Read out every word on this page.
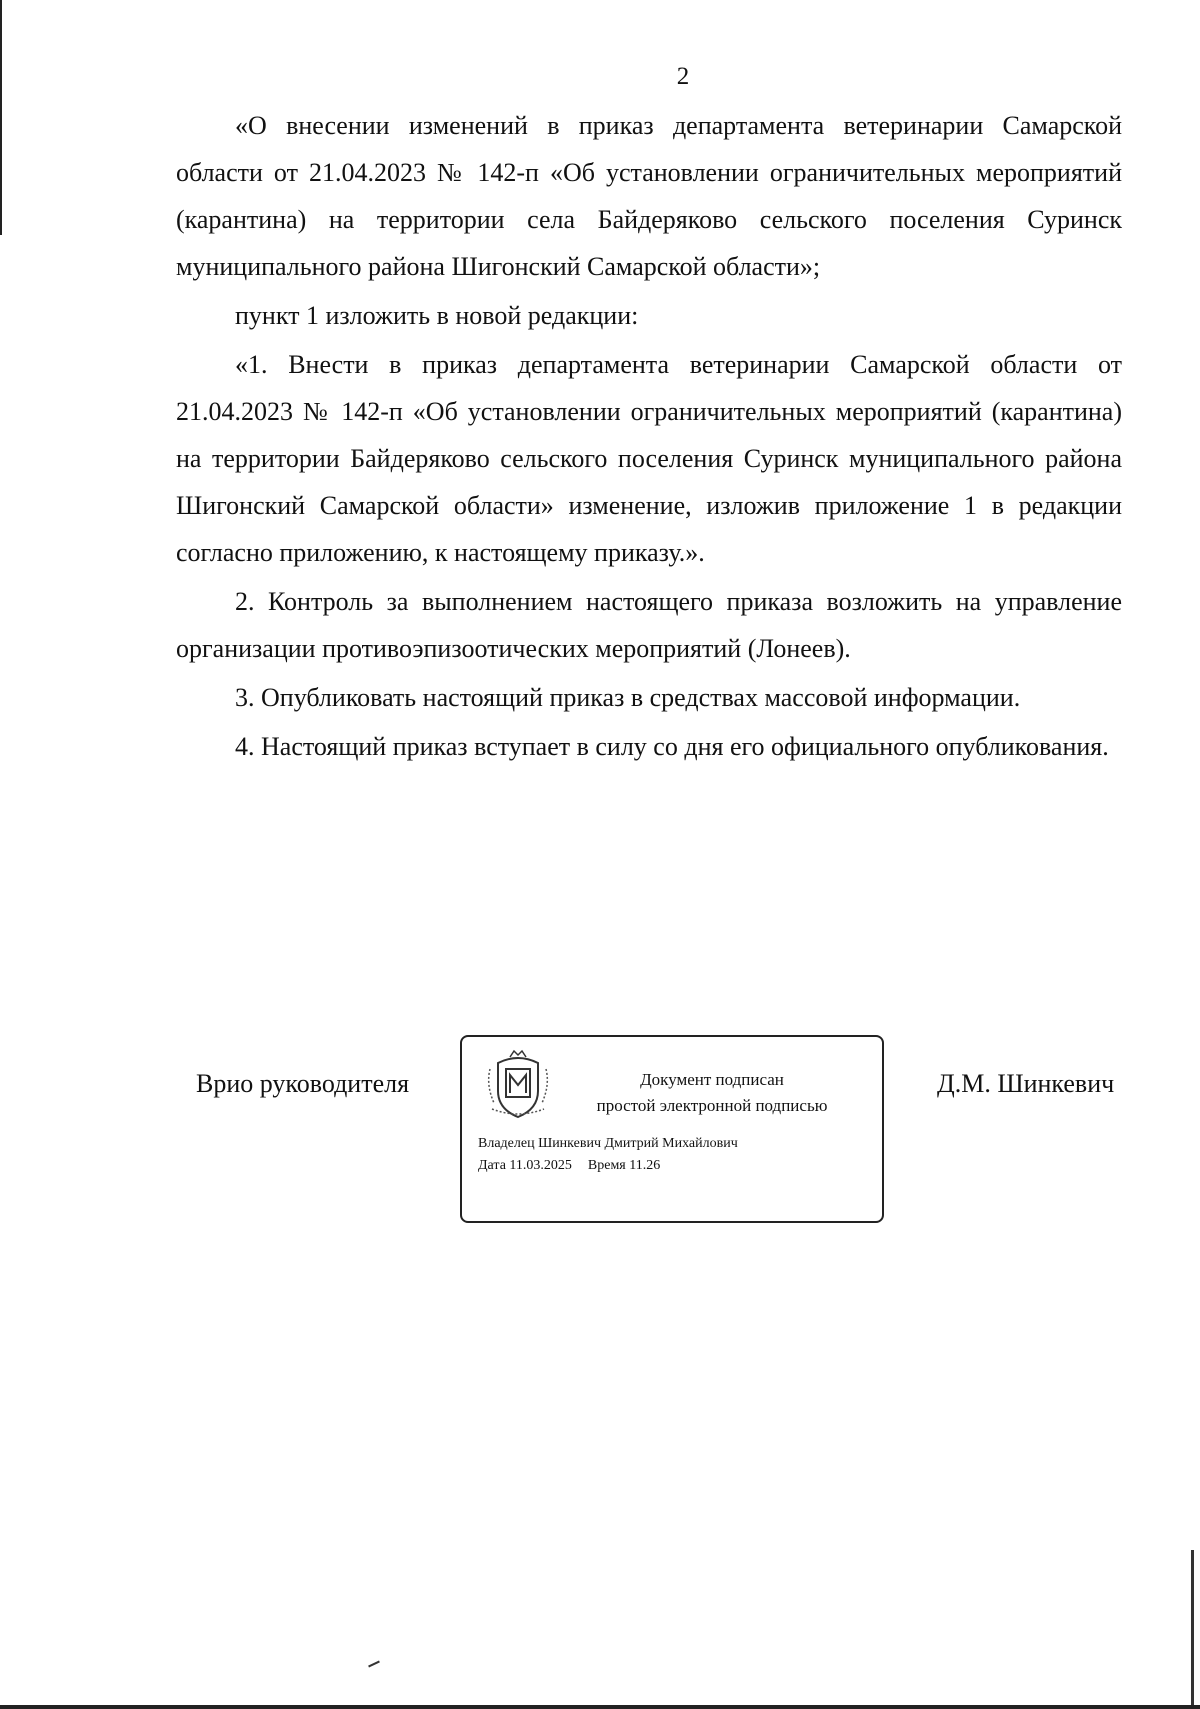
2

«О внесении изменений в приказ департамента ветеринарии Самарской области от 21.04.2023 № 142-п «Об установлении ограничительных мероприятий (карантина) на территории села Байдеряково сельского поселения Суринск муниципального района Шигонский Самарской области»;

пункт 1 изложить в новой редакции:

«1. Внести в приказ департамента ветеринарии Самарской области от 21.04.2023 № 142-п «Об установлении ограничительных мероприятий (карантина) на территории Байдеряково сельского поселения Суринск муниципального района Шигонский Самарской области» изменение, изложив приложение 1 в редакции согласно приложению, к настоящему приказу.».

2. Контроль за выполнением настоящего приказа возложить на управление организации противоэпизоотических мероприятий (Лонеев).

3. Опубликовать настоящий приказ в средствах массовой информации.

4. Настоящий приказ вступает в силу со дня его официального опубликования.

Врио руководителя	Документ подписан
простой электронной подписью
Владелец Шинкевич Дмитрий Михайлович
Дата 11.03.2025 Время 11.26
Д.М. Шинкевич
